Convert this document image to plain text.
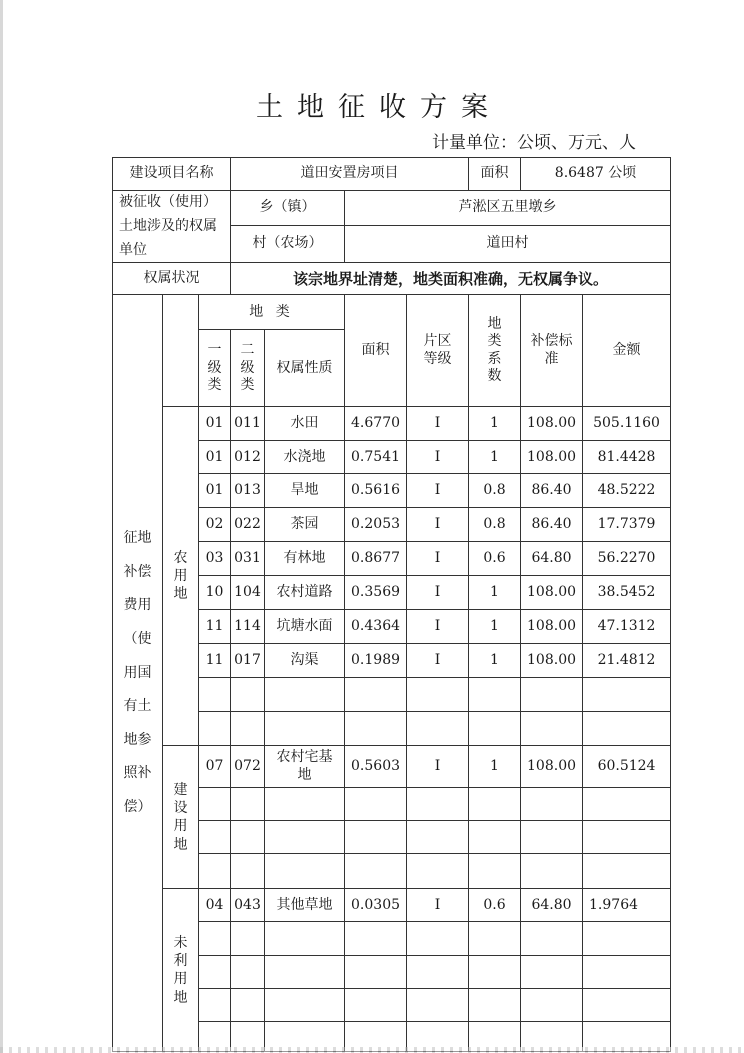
土地征收方案
计量单位：公顷、万元、人
建设项目名称			道田安置房项目				面积	8.6487 公顷	
被征收（使用）土地涉及的权属单位			乡（镇）		芦淞区五里墩乡				
			村（农场）		道田村				
权属状况			该宗地界址清楚，地类面积准确，无权属争议。						

征地补偿费用（使用国有土地参照补偿）		地 类			面积	片区等级	地类系数	补偿标准	金额
		一级类	二级类	权属性质					

	农用地	01	011	水田	4.6770	I	1	108.00	505.1160
		01	012	水浇地	0.7541	I	1	108.00	81.4428
		01	013	旱地	0.5616	I	0.8	86.40	48.5222
		02	022	茶园	0.2053	I	0.8	86.40	17.7379
		03	031	有林地	0.8677	I	0.6	64.80	56.2270
		10	104	农村道路	0.3569	I	1	108.00	38.5452
		11	114	坑塘水面	0.4364	I	1	108.00	47.1312
		11	017	沟渠	0.1989	I	1	108.00	21.4812

	建设用地	07	072	农村宅基地	0.5603	I	1	108.00	60.5124

	未利用地	04	043	其他草地	0.0305	I	0.6	64.80	1.9764
